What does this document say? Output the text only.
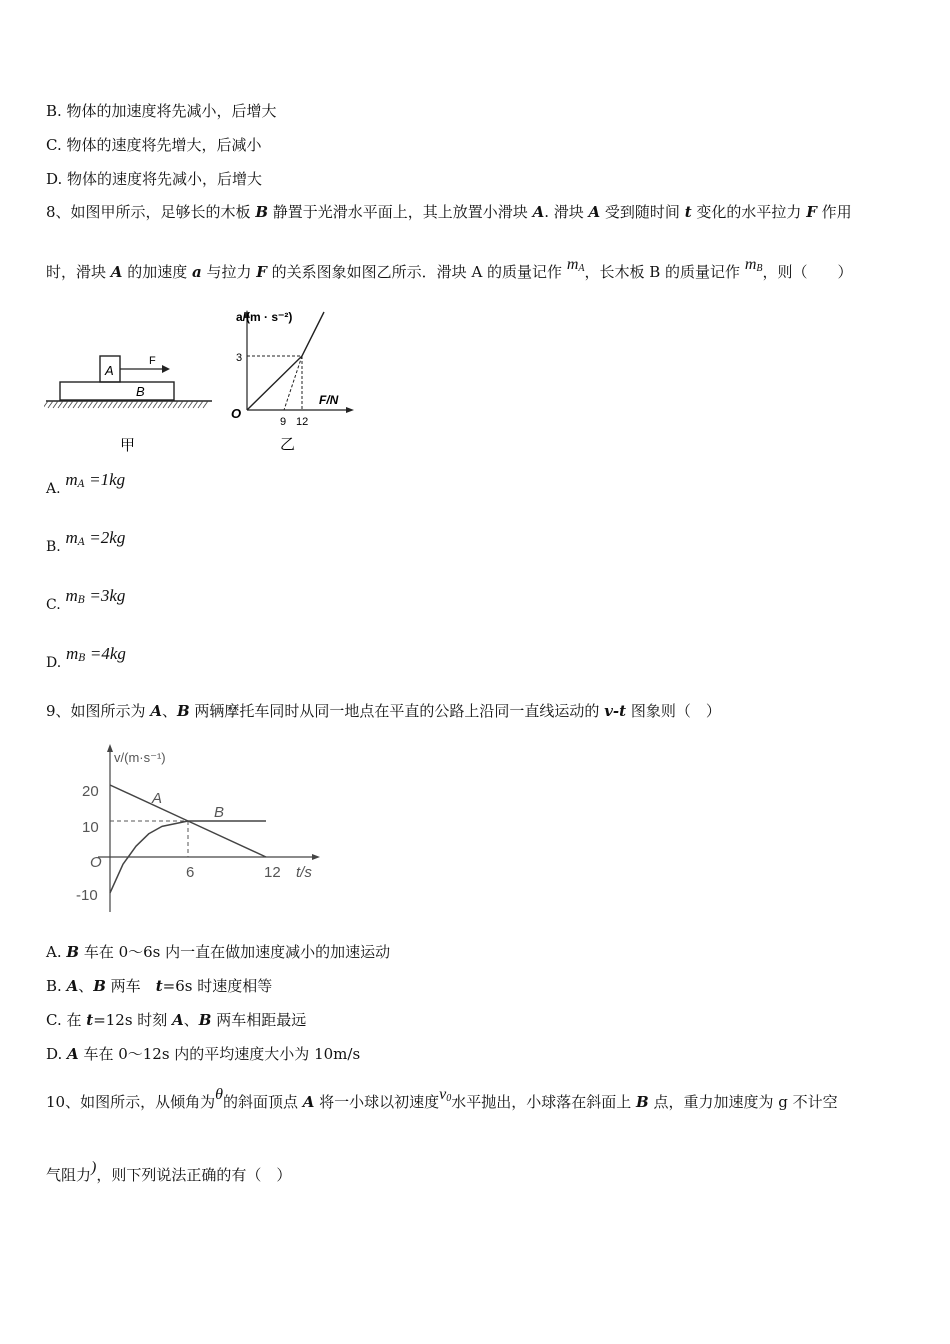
B. 物体的加速度将先减小，后增大
C. 物体的速度将先增大，后减小
D. 物体的速度将先减小，后增大
8、如图甲所示，足够长的木板 B 静置于光滑水平面上，其上放置小滑块 A. 滑块 A 受到随时间 t 变化的水平拉力 F 作用
时，滑块 A 的加速度 a 与拉力 F 的关系图象如图乙所示．滑块 A 的质量记作 $m_A$，长木板 B 的质量记作 $m_B$，则（　　）
A
F
B
甲
a/(m · s⁻²)
F/N
O
3
9 12
乙
A. $m_A =1kg$
B. $m_A =2kg$
C. $m_B =3kg$
D. $m_B =4kg$
9、如图所示为 A、B 两辆摩托车同时从同一地点在平直的公路上沿同一直线运动的 v-t 图象则（　）
v/(m·s⁻¹)
t/s
O
20
10
-10
6	12
A
B
A. B 车在 0～6s 内一直在做加速度减小的加速运动
B. A、B 两车　t=6s 时速度相等
C. 在 t=12s 时刻 A、B 两车相距最远
D. A 车在 0～12s 内的平均速度大小为 10m/s
10、如图所示，从倾角为θ的斜面顶点 A 将一小球以初速度$v_0$水平抛出，小球落在斜面上 B 点，重力加速度为 g 不计空
气阻力)，则下列说法正确的有（　）
